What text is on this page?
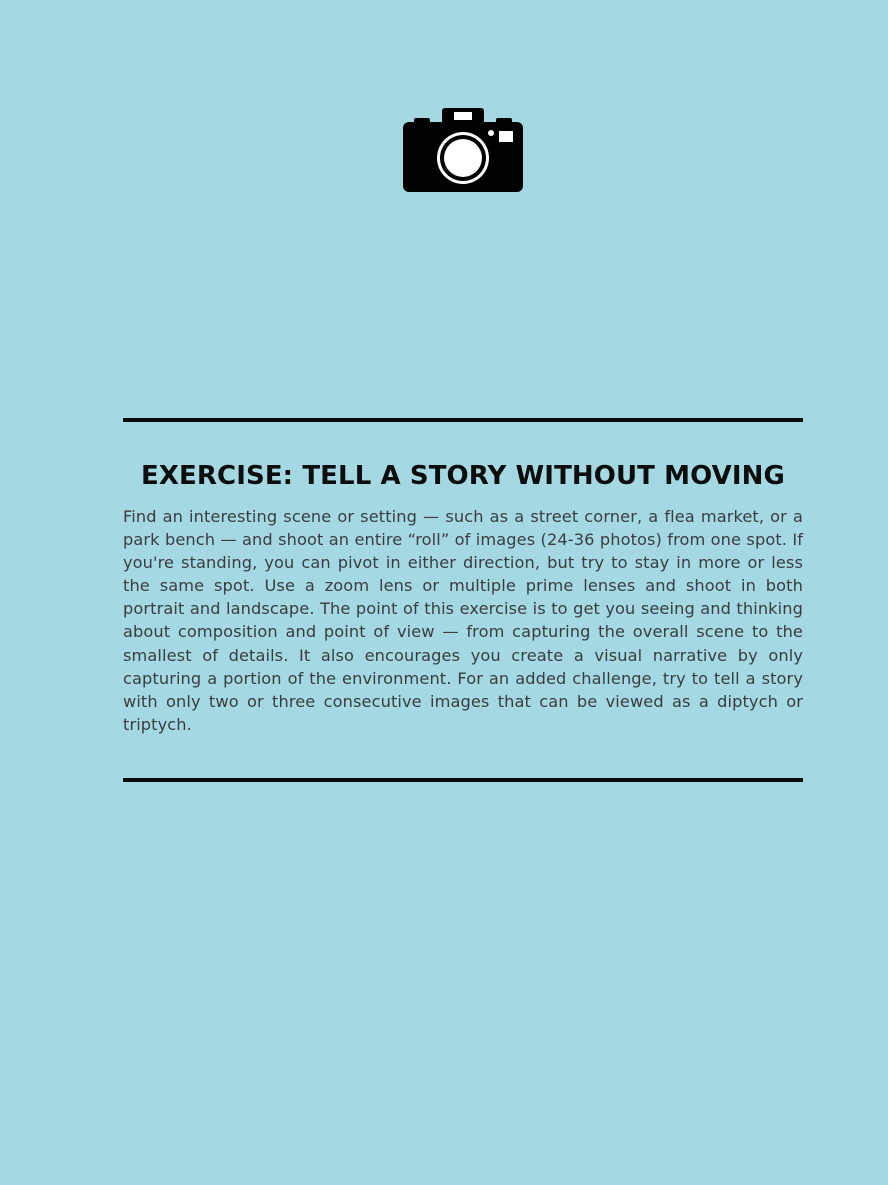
EXERCISE: TELL A STORY WITHOUT MOVING

Find an interesting scene or setting — such as a street corner, a flea market, or a park bench — and shoot an entire “roll” of images (24-36 photos) from one spot. If you're standing, you can pivot in either direction, but try to stay in more or less the same spot. Use a zoom lens or multiple prime lenses and shoot in both portrait and landscape. The point of this exercise is to get you seeing and thinking about composition and point of view — from capturing the overall scene to the smallest of details. It also encourages you create a visual narrative by only capturing a portion of the environment. For an added challenge, try to tell a story with only two or three consecutive images that can be viewed as a diptych or triptych.
